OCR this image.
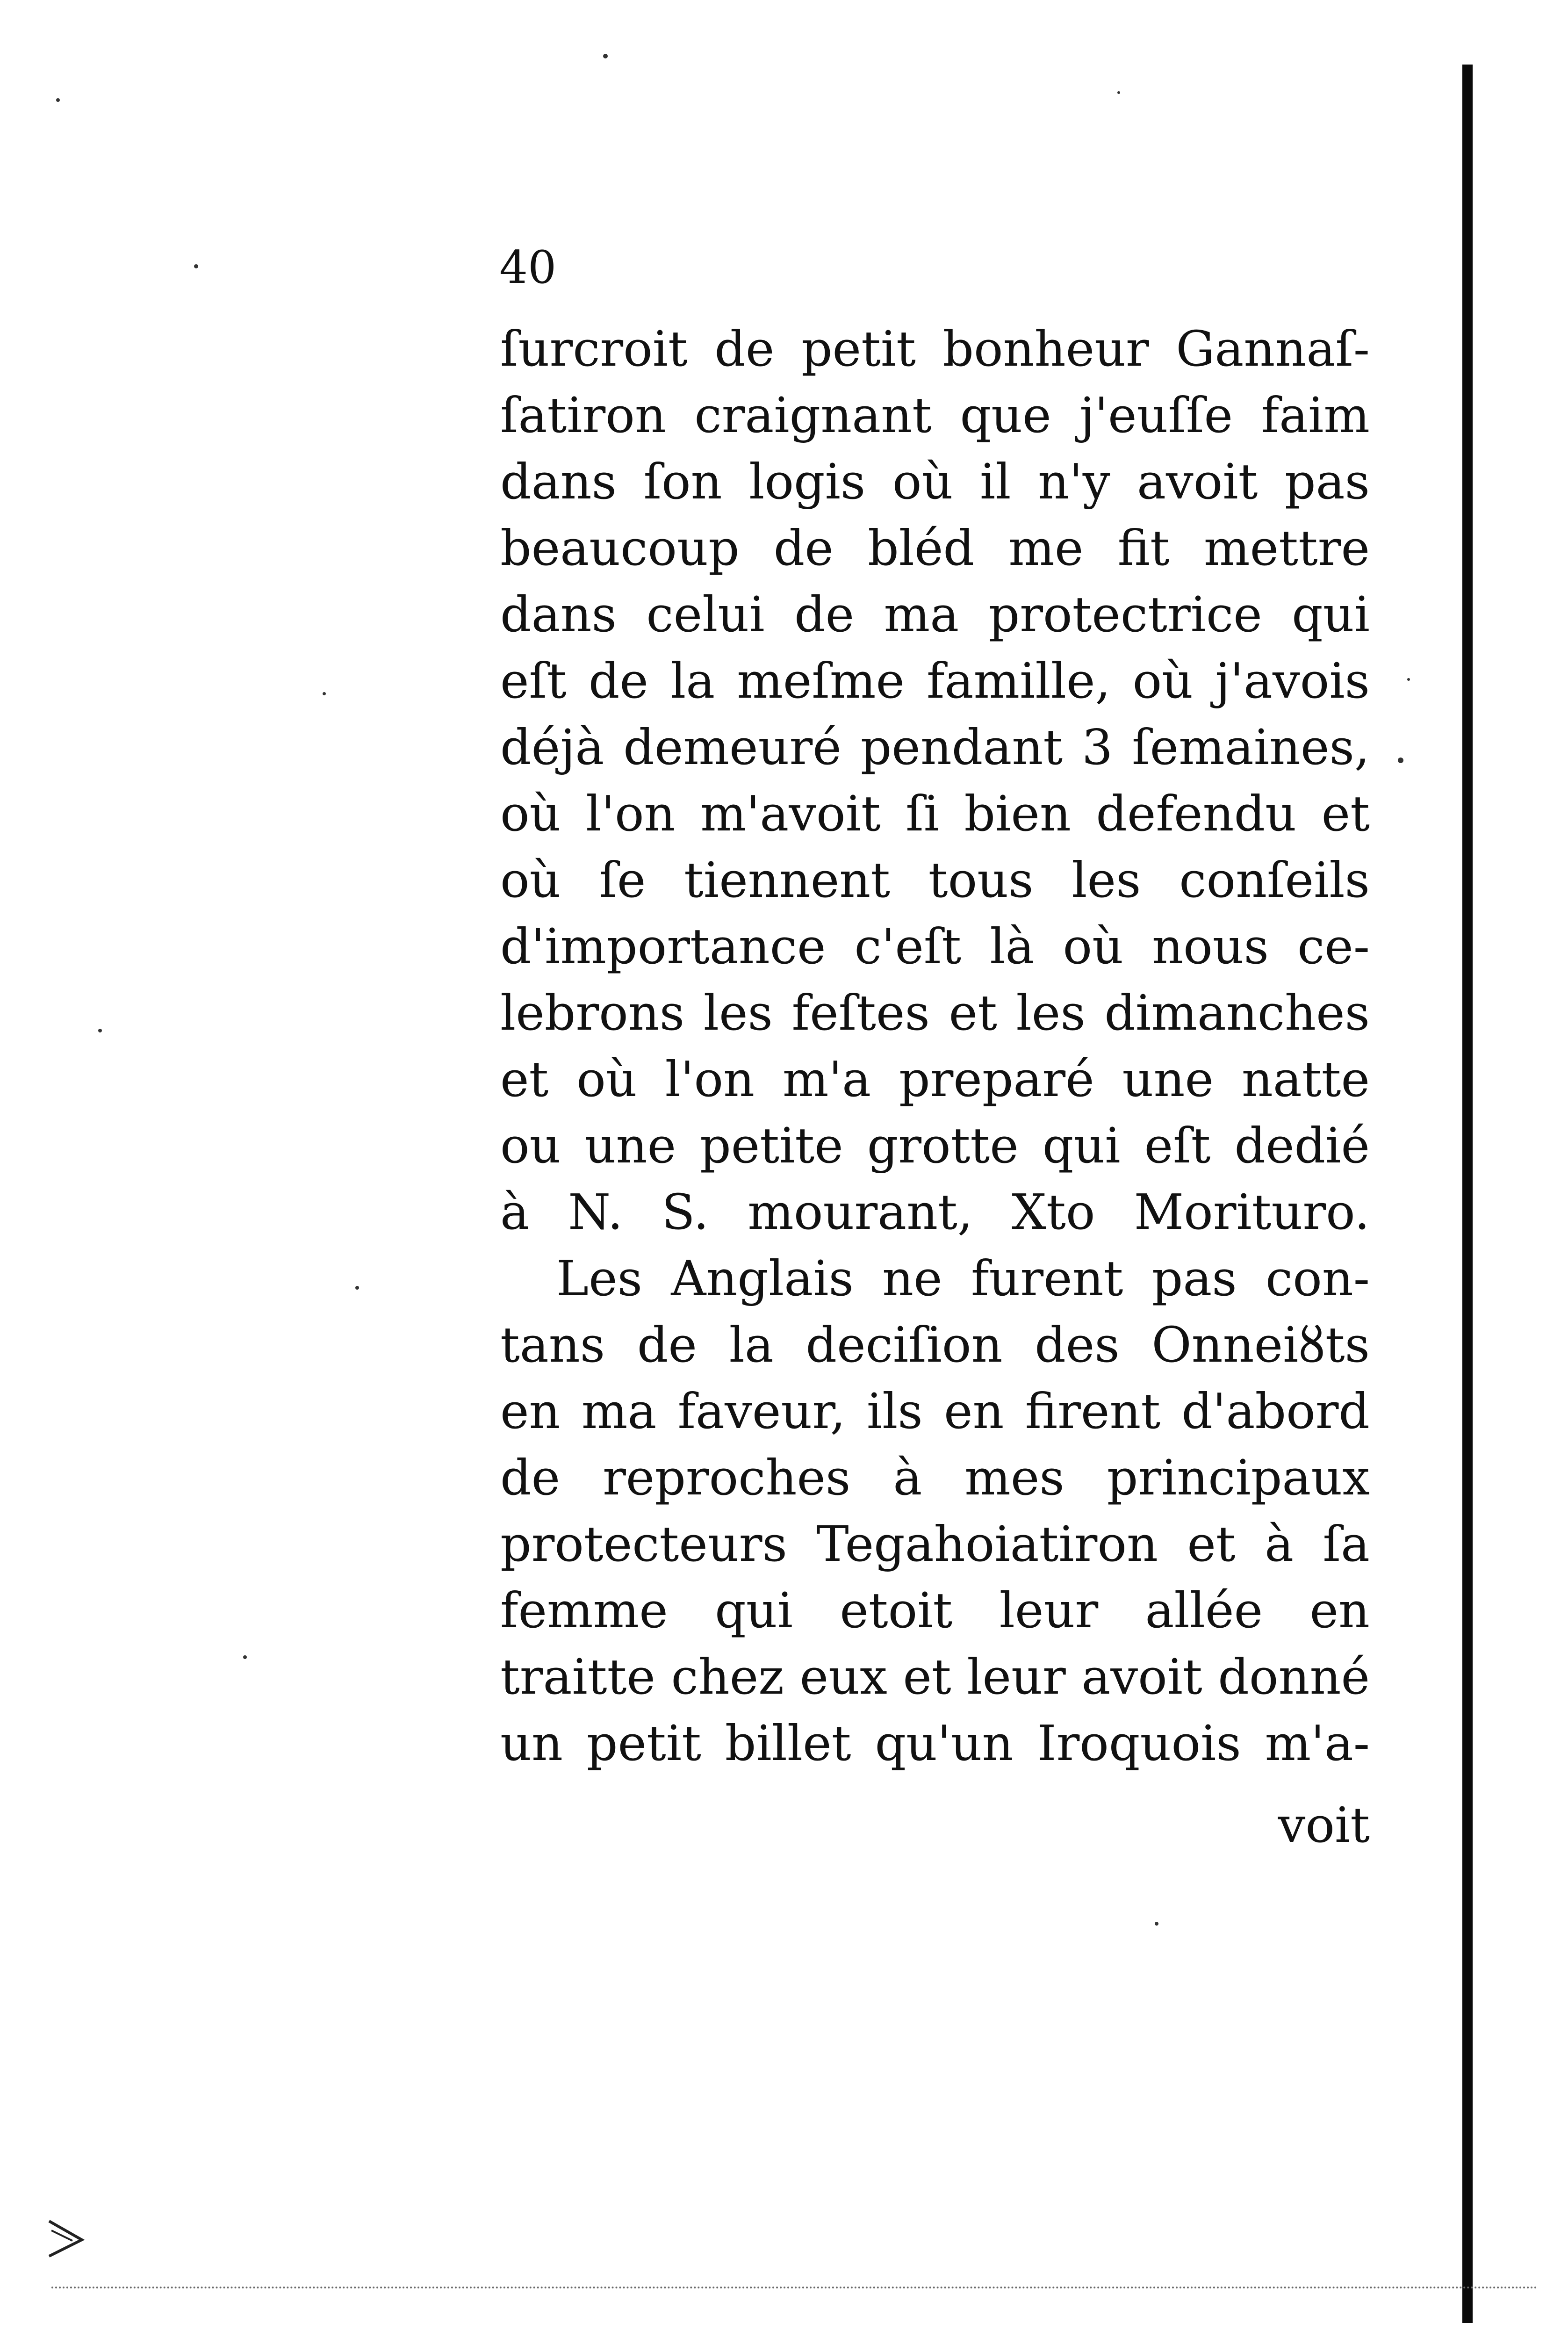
40
ſurcroit de petit bonheur Gannaſ-
ſatiron craignant que j'euſſe faim
dans ſon logis où il n'y avoit pas
beaucoup de bléd me fit mettre
dans celui de ma protectrice qui
eſt de la meſme famille, où j'avois
déjà demeuré pendant 3 ſemaines,
où l'on m'avoit ſi bien defendu et
où ſe tiennent tous les conſeils
d'importance c'eſt là où nous ce-
lebrons les feſtes et les dimanches
et où l'on m'a preparé une natte
ou une petite grotte qui eſt dedié
à N. S. mourant, Xto Morituro.
Les Anglais ne furent pas con-
tans de la deciſion des Onneiȣts
en ma faveur, ils en firent d'abord
de reproches à mes principaux
protecteurs Tegahoiatiron et à ſa
femme qui etoit leur allée en
traitte chez eux et leur avoit donné
un petit billet qu'un Iroquois m'a-
voit
